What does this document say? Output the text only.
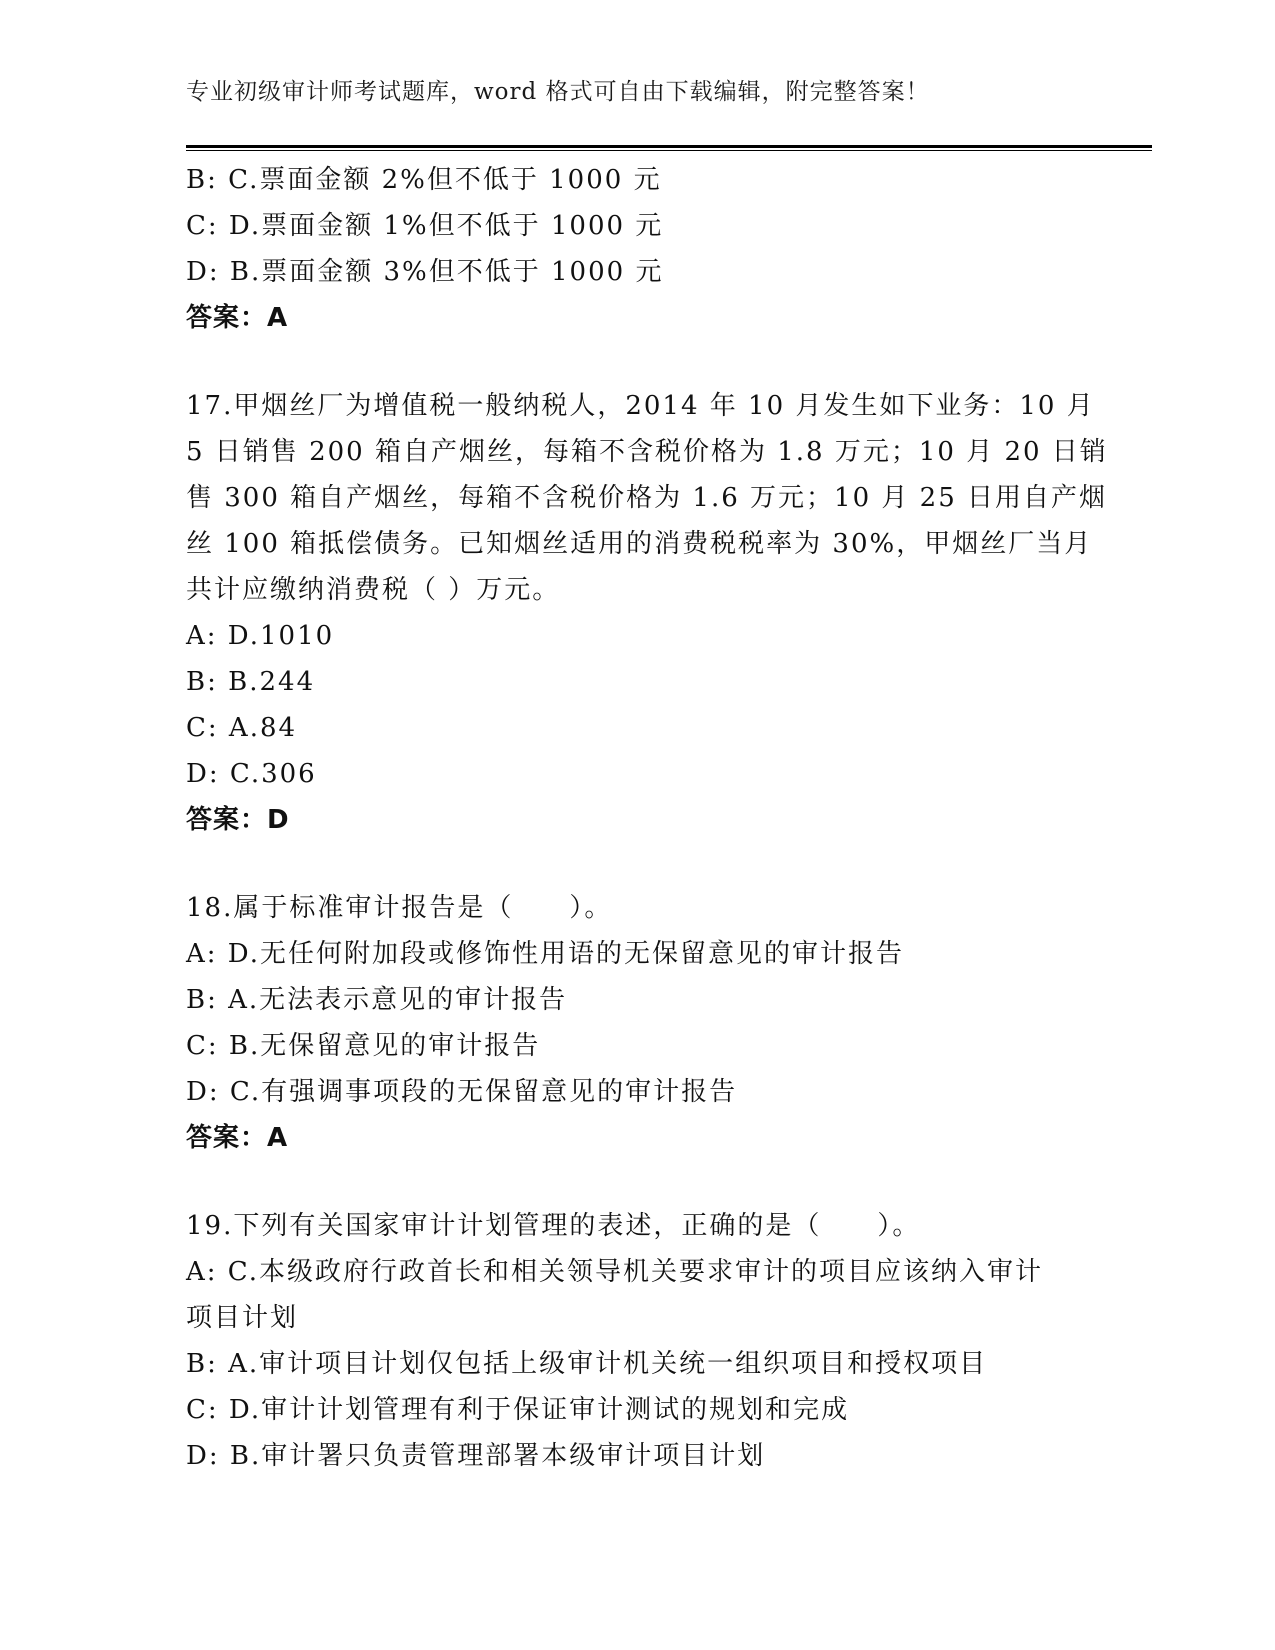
专业初级审计师考试题库，word 格式可自由下载编辑，附完整答案！

B: C.票面金额 2%但不低于 1000 元

C: D.票面金额 1%但不低于 1000 元

D: B.票面金额 3%但不低于 1000 元

答案：A

17.甲烟丝厂为增值税一般纳税人，2014 年 10 月发生如下业务：10 月

5 日销售 200 箱自产烟丝，每箱不含税价格为 1.8 万元；10 月 20 日销

售 300 箱自产烟丝，每箱不含税价格为 1.6 万元；10 月 25 日用自产烟

丝 100 箱抵偿债务。已知烟丝适用的消费税税率为 30%，甲烟丝厂当月

共计应缴纳消费税（ ）万元。

A: D.1010

B: B.244

C: A.84

D: C.306

答案：D

18.属于标准审计报告是（　　）。

A: D.无任何附加段或修饰性用语的无保留意见的审计报告

B: A.无法表示意见的审计报告

C: B.无保留意见的审计报告

D: C.有强调事项段的无保留意见的审计报告

答案：A

19.下列有关国家审计计划管理的表述，正确的是（　　）。

A: C.本级政府行政首长和相关领导机关要求审计的项目应该纳入审计

项目计划

B: A.审计项目计划仅包括上级审计机关统一组织项目和授权项目

C: D.审计计划管理有利于保证审计测试的规划和完成

D: B.审计署只负责管理部署本级审计项目计划
